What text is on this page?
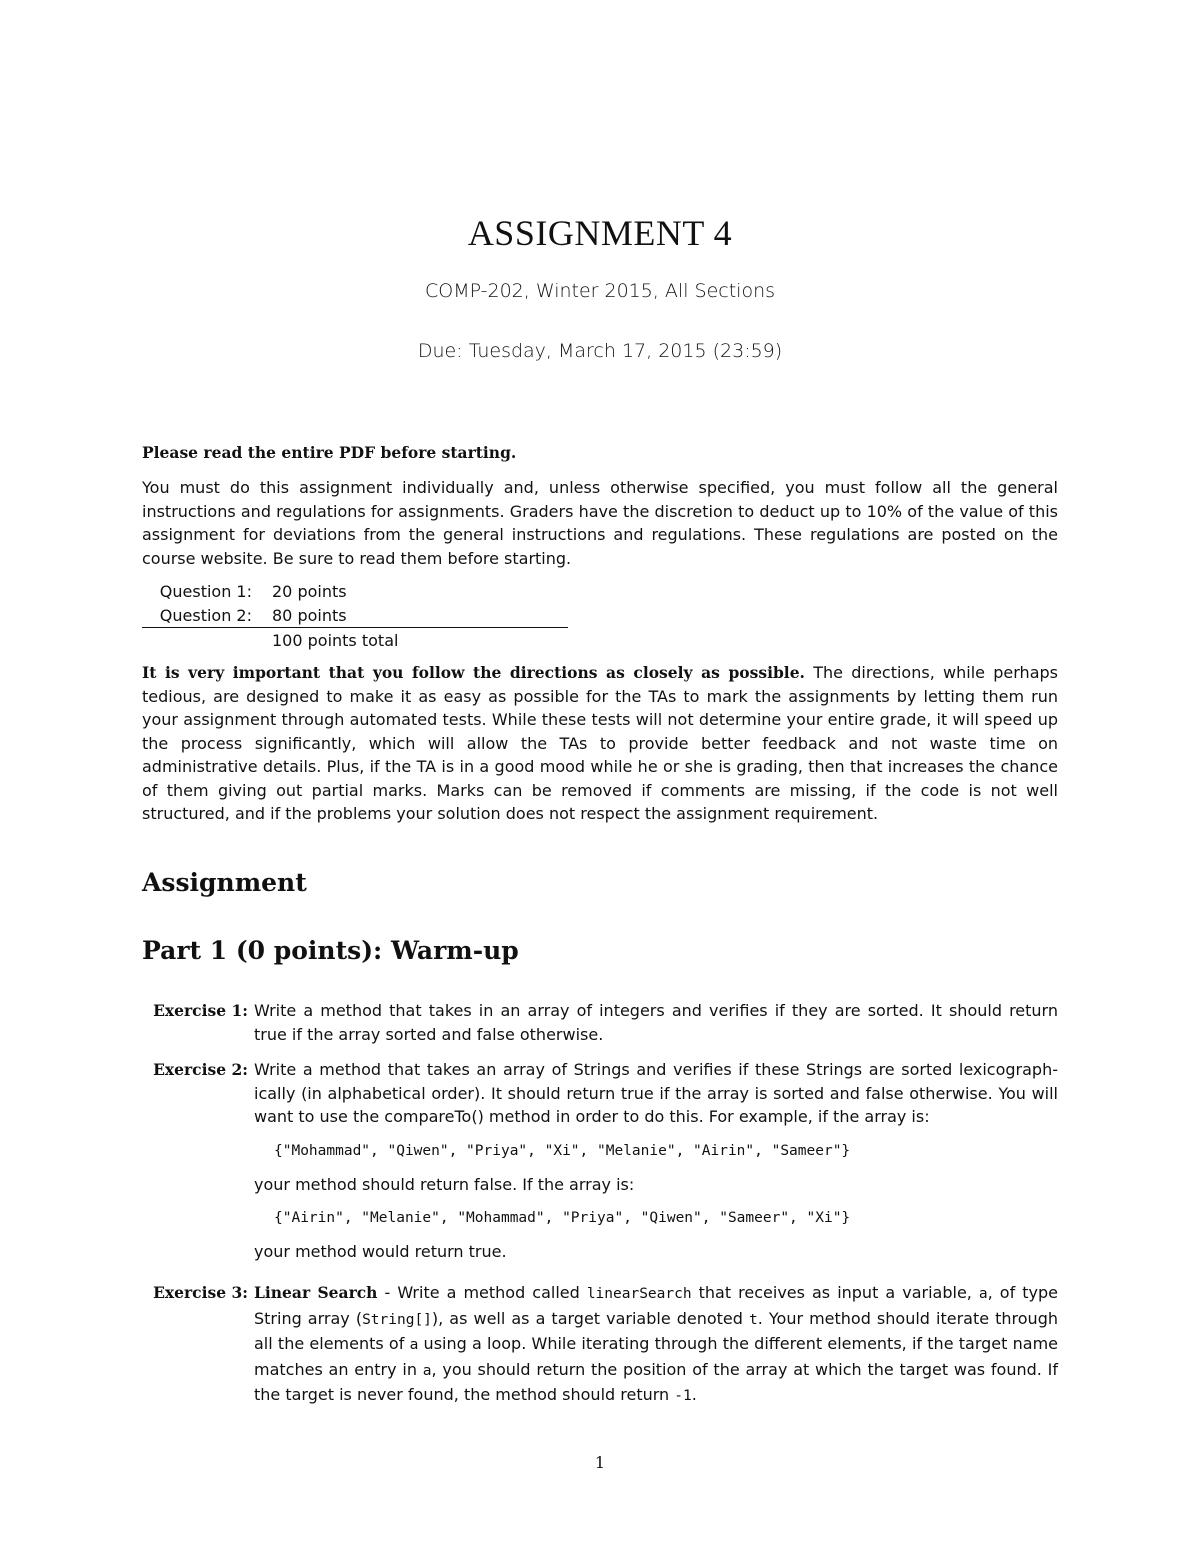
ASSIGNMENT 4
COMP-202, Winter 2015, All Sections
Due: Tuesday, March 17, 2015 (23:59)
Please read the entire PDF before starting.

You must do this assignment individually and, unless otherwise specified, you must follow all the general instructions and regulations for assignments. Graders have the discretion to deduct up to 10% of the value of this assignment for deviations from the general instructions and regulations. These regulations are posted on the course website. Be sure to read them before starting.

Question 1:	20 points
Question 2:	80 points
	100 points total

It is very important that you follow the directions as closely as possible. The directions, while perhaps tedious, are designed to make it as easy as possible for the TAs to mark the assignments by letting them run your assignment through automated tests. While these tests will not determine your entire grade, it will speed up the process significantly, which will allow the TAs to provide better feedback and not waste time on administrative details. Plus, if the TA is in a good mood while he or she is grading, then that increases the chance of them giving out partial marks. Marks can be removed if comments are missing, if the code is not well structured, and if the problems your solution does not respect the assignment requirement.

Assignment
Part 1 (0 points): Warm-up
Exercise 1: Write a method that takes in an array of integers and verifies if they are sorted. It should return true if the array sorted and false otherwise.

Exercise 2: Write a method that takes an array of Strings and verifies if these Strings are sorted lexicograph-ically (in alphabetical order). It should return true if the array is sorted and false otherwise. You will want to use the compareTo() method in order to do this. For example, if the array is:

{"Mohammad", "Qiwen", "Priya", "Xi", "Melanie", "Airin", "Sameer"}

your method should return false. If the array is:

{"Airin", "Melanie", "Mohammad", "Priya", "Qiwen", "Sameer", "Xi"}

your method would return true.

Exercise 3: Linear Search - Write a method called linearSearch that receives as input a variable, a, of type String array (String[]), as well as a target variable denoted t. Your method should iterate through all the elements of a using a loop. While iterating through the different elements, if the target name matches an entry in a, you should return the position of the array at which the target was found. If the target is never found, the method should return -1.

1
